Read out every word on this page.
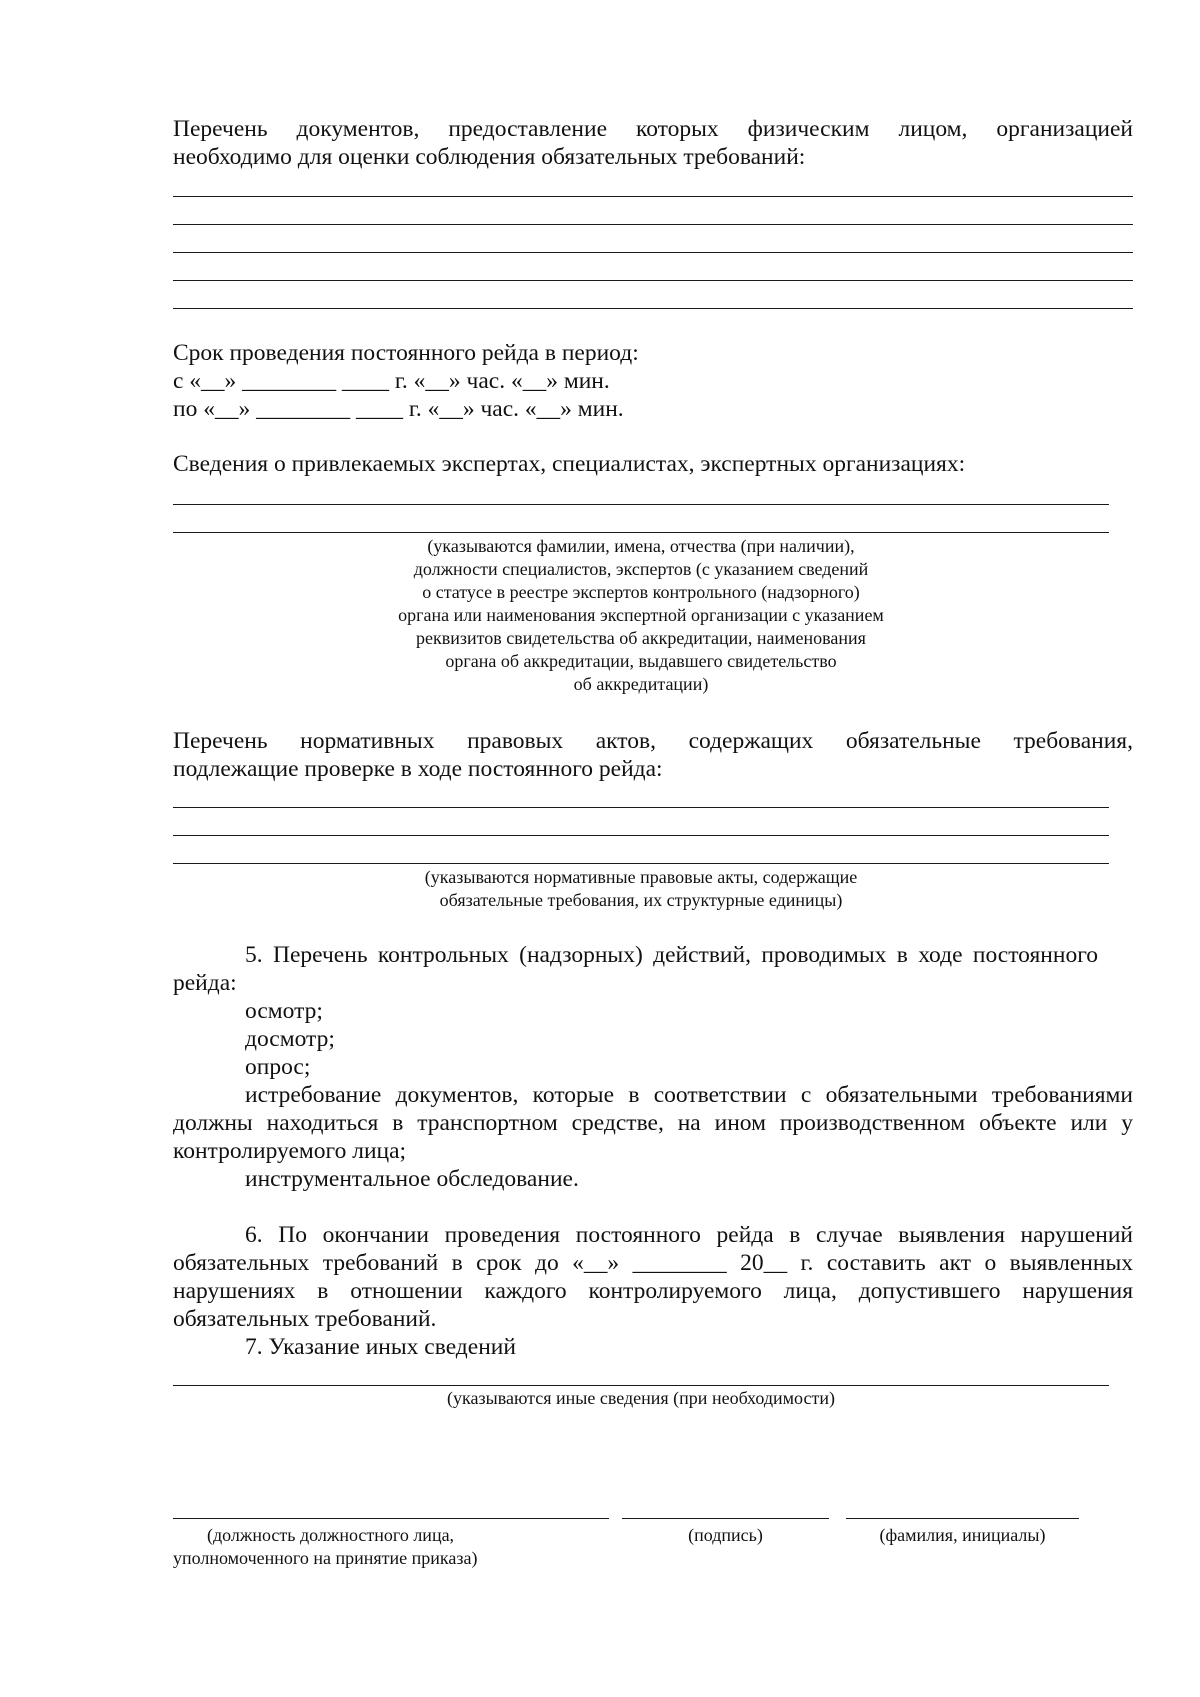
Перечень документов, предоставление которых физическим лицом, организацией

необходимо для оценки соблюдения обязательных требований:

Срок проведения постоянного рейда в период:

с «__» ________ ____ г. «__» час. «__» мин.

по «__» ________ ____ г. «__» час. «__» мин.

Сведения о привлекаемых экспертах, специалистах, экспертных организациях:

(указываются фамилии, имена, отчества (при наличии),

должности специалистов, экспертов (с указанием сведений

о статусе в реестре экспертов контрольного (надзорного)

органа или наименования экспертной организации с указанием

реквизитов свидетельства об аккредитации, наименования

органа об аккредитации, выдавшего свидетельство

об аккредитации)

Перечень нормативных правовых актов, содержащих обязательные требования,

подлежащие проверке в ходе постоянного рейда:

(указываются нормативные правовые акты, содержащие

обязательные требования, их структурные единицы)

5. Перечень контрольных (надзорных) действий, проводимых в ходе постоянного

рейда:

осмотр;

досмотр;

опрос;

истребование документов, которые в соответствии с обязательными требованиями

должны находиться в транспортном средстве, на ином производственном объекте или у

контролируемого лица;

инструментальное обследование.

6. По окончании проведения постоянного рейда в случае выявления нарушений

обязательных требований в срок до «__» ________ 20__ г. составить акт о выявленных

нарушениях в отношении каждого контролируемого лица, допустившего нарушения

обязательных требований.

7. Указание иных сведений

(указываются иные сведения (при необходимости)

(должность должностного лица,

уполномоченного на принятие приказа)

(подпись)	(фамилия, инициалы)
